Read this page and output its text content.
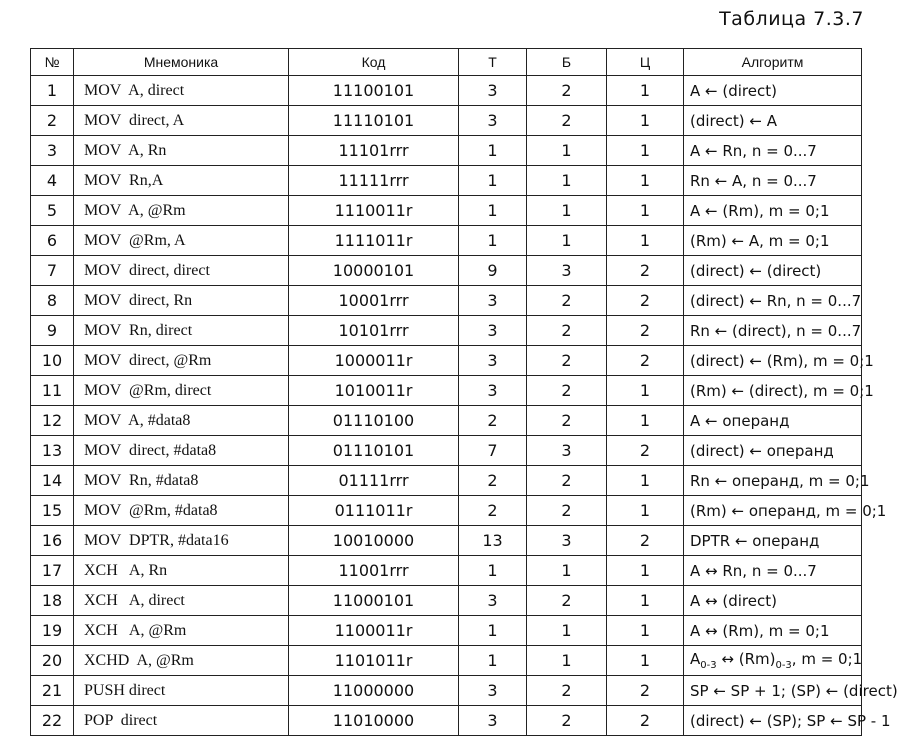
Таблица 7.3.7
№	Мнемоника	Код	Т	Б	Ц	Алгоритм
1	MOV  A, direct	11100101	3	2	1	A ← (direct)
2	MOV  direct, A	11110101	3	2	1	(direct) ← A
3	MOV  A, Rn	11101rrr	1	1	1	A ← Rn, n = 0...7
4	MOV  Rn,A	11111rrr	1	1	1	Rn ← A, n = 0...7
5	MOV  A, @Rm	1110011r	1	1	1	A ← (Rm), m = 0;1
6	MOV  @Rm, A	1111011r	1	1	1	(Rm) ← A, m = 0;1
7	MOV  direct, direct	10000101	9	3	2	(direct) ← (direct)
8	MOV  direct, Rn	10001rrr	3	2	2	(direct) ← Rn, n = 0...7
9	MOV  Rn, direct	10101rrr	3	2	2	Rn ← (direct), n = 0...7
10	MOV  direct, @Rm	1000011r	3	2	2	(direct) ← (Rm), m = 0;1
11	MOV  @Rm, direct	1010011r	3	2	1	(Rm) ← (direct), m = 0;1
12	MOV  A, #data8	01110100	2	2	1	A ← операнд
13	MOV  direct, #data8	01110101	7	3	2	(direct) ← операнд
14	MOV  Rn, #data8	01111rrr	2	2	1	Rn ← операнд, m = 0;1
15	MOV  @Rm, #data8	0111011r	2	2	1	(Rm) ← операнд, m = 0;1
16	MOV  DPTR, #data16	10010000	13	3	2	DPTR ← операнд
17	XCH   A, Rn	11001rrr	1	1	1	A ↔ Rn, n = 0...7
18	XCH   A, direct	11000101	3	2	1	A ↔ (direct)
19	XCH   A, @Rm	1100011r	1	1	1	A ↔ (Rm), m = 0;1
20	XCHD  A, @Rm	1101011r	1	1	1	$A_{0-3}$ ↔ $(Rm)_{0-3}$, m = 0;1
21	PUSH direct	11000000	3	2	2	SP ← SP + 1; (SP) ← (direct)
22	POP  direct	11010000	3	2	2	(direct) ← (SP); SP ← SP - 1
